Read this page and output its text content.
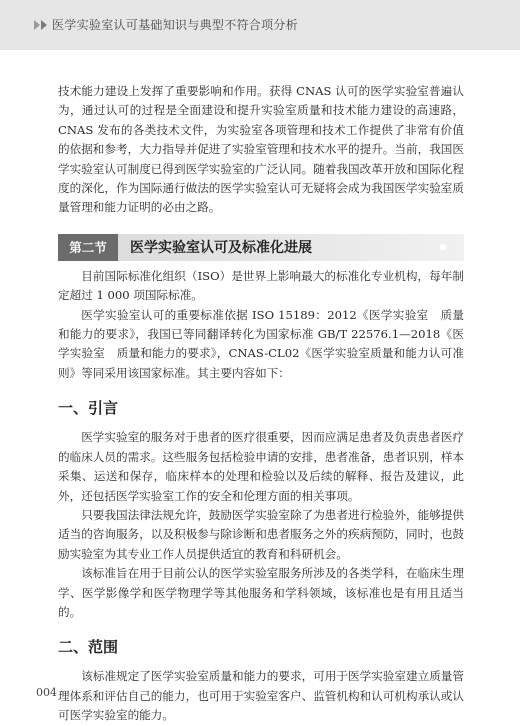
医学实验室认可基础知识与典型不符合项分析

技术能力建设上发挥了重要影响和作用。获得 CNAS 认可的医学实验室普遍认为，通过认可的过程是全面建设和提升实验室质量和技术能力建设的高速路，CNAS 发布的各类技术文件，为实验室各项管理和技术工作提供了非常有价值的依据和参考，大力指导并促进了实验室管理和技术水平的提升。当前，我国医学实验室认可制度已得到医学实验室的广泛认同。随着我国改革开放和国际化程度的深化，作为国际通行做法的医学实验室认可无疑将会成为我国医学实验室质量管理和能力证明的必由之路。

第二节	医学实验室认可及标准化进展

目前国际标准化组织（ISO）是世界上影响最大的标准化专业机构，每年制定超过 1 000 项国际标准。

医学实验室认可的重要标准依据 ISO 15189：2012《医学实验室　质量和能力的要求》，我国已等同翻译转化为国家标准 GB/T 22576.1—2018《医学实验室　质量和能力的要求》，CNAS-CL02《医学实验室质量和能力认可准则》等同采用该国家标准。其主要内容如下：

一、引言

医学实验室的服务对于患者的医疗很重要，因而应满足患者及负责患者医疗的临床人员的需求。这些服务包括检验申请的安排，患者准备，患者识别，样本采集、运送和保存，临床样本的处理和检验以及后续的解释、报告及建议，此外，还包括医学实验室工作的安全和伦理方面的相关事项。

只要我国法律法规允许，鼓励医学实验室除了为患者进行检验外，能够提供适当的咨询服务，以及积极参与除诊断和患者服务之外的疾病预防，同时，也鼓励实验室为其专业工作人员提供适宜的教育和科研机会。

该标准旨在用于目前公认的医学实验室服务所涉及的各类学科，在临床生理学、医学影像学和医学物理学等其他服务和学科领域，该标准也是有用且适当的。

二、范围

该标准规定了医学实验室质量和能力的要求，可用于医学实验室建立质量管理体系和评估自己的能力，也可用于实验室客户、监管机构和认可机构承认或认可医学实验室的能力。

004
